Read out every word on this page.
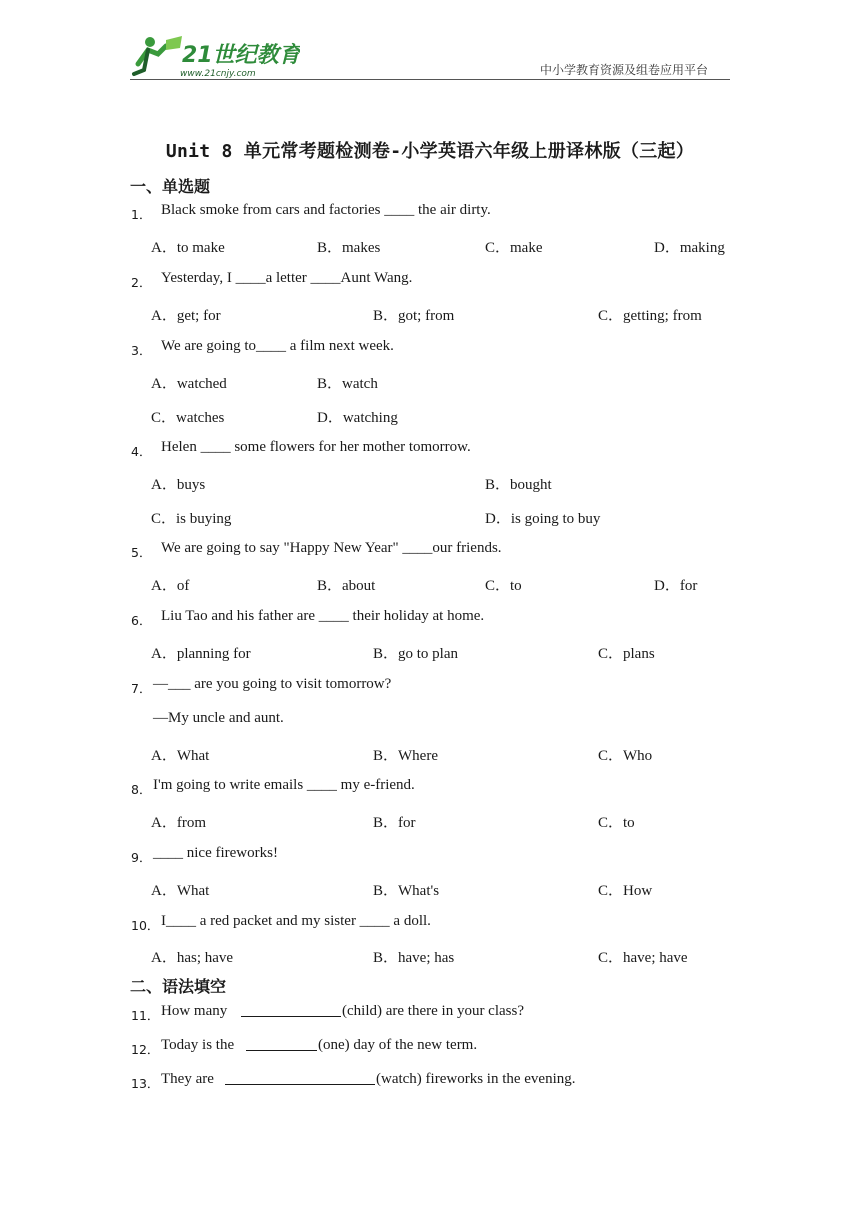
21世纪教育
www.21cnjy.com	中小学教育资源及组卷应用平台
Unit 8 单元常考题检测卷-小学英语六年级上册译林版（三起）
一、单选题
1． Black smoke from cars and factories ____ the air dirty.
A．to make	B．makes	C．make	D．making
2． Yesterday, I ____a letter ____Aunt Wang.
A．get; for	B．got; from	C．getting; from
3． We are going to____ a film next week.
A．watched	B．watch
C．watches	D．watching
4． Helen ____ some flowers for her mother tomorrow.
A．buys	B．bought
C．is buying	D．is going to buy
5． We are going to say "Happy New Year" ____our friends.
A．of	B．about	C．to	D．for
6． Liu Tao and his father are ____ their holiday at home.
A．planning for	B．go to plan	C．plans
7． —___ are you going to visit tomorrow?
—My uncle and aunt.
A．What	B．Where	C．Who
8． I'm going to write emails ____ my e-friend.
A．from	B．for	C．to
9． ____ nice fireworks!
A．What	B．What's	C．How
10． I____ a red packet and my sister ____ a doll.
A．has; have	B．have; has	C．have; have
二、语法填空
11． How many	(child) are there in your class?
12． Today is the	(one) day of the new term.
13． They are	(watch) fireworks in the evening.
